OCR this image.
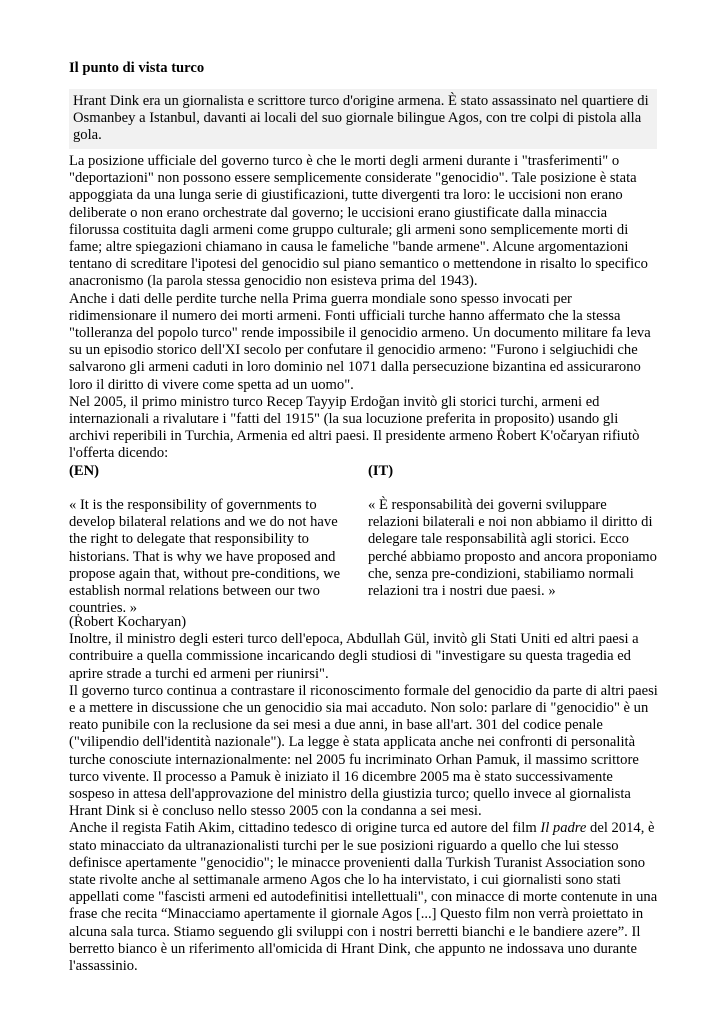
Il punto di vista turco

Hrant Dink era un giornalista e scrittore turco d'origine armena. È stato assassinato nel quartiere di Osmanbey a Istanbul, davanti ai locali del suo giornale bilingue Agos, con tre colpi di pistola alla gola.

La posizione ufficiale del governo turco è che le morti degli armeni durante i "trasferimenti" o "deportazioni" non possono essere semplicemente considerate "genocidio". Tale posizione è stata appoggiata da una lunga serie di giustificazioni, tutte divergenti tra loro: le uccisioni non erano deliberate o non erano orchestrate dal governo; le uccisioni erano giustificate dalla minaccia filorussa costituita dagli armeni come gruppo culturale; gli armeni sono semplicemente morti di fame; altre spiegazioni chiamano in causa le fameliche "bande armene". Alcune argomentazioni tentano di screditare l'ipotesi del genocidio sul piano semantico o mettendone in risalto lo specifico anacronismo (la parola stessa genocidio non esisteva prima del 1943).

Anche i dati delle perdite turche nella Prima guerra mondiale sono spesso invocati per ridimensionare il numero dei morti armeni. Fonti ufficiali turche hanno affermato che la stessa "tolleranza del popolo turco" rende impossibile il genocidio armeno. Un documento militare fa leva su un episodio storico dell'XI secolo per confutare il genocidio armeno: "Furono i selgiuchidi che salvarono gli armeni caduti in loro dominio nel 1071 dalla persecuzione bizantina ed assicurarono loro il diritto di vivere come spetta ad un uomo".

Nel 2005, il primo ministro turco Recep Tayyip Erdoğan invitò gli storici turchi, armeni ed internazionali a rivalutare i "fatti del 1915" (la sua locuzione preferita in proposito) usando gli archivi reperibili in Turchia, Armenia ed altri paesi. Il presidente armeno Ṙobert K'očaryan rifiutò l'offerta dicendo:

(EN)	(IT)

« It is the responsibility of governments to develop bilateral relations and we do not have the right to delegate that responsibility to historians. That is why we have proposed and propose again that, without pre-conditions, we establish normal relations between our two countries. »

« È responsabilità dei governi sviluppare relazioni bilaterali e noi non abbiamo il diritto di delegare tale responsabilità agli storici. Ecco perché abbiamo proposto and ancora proponiamo che, senza pre-condizioni, stabiliamo normali relazioni tra i nostri due paesi. »

(Ṙobert Kocharyan)

Inoltre, il ministro degli esteri turco dell'epoca, Abdullah Gül, invitò gli Stati Uniti ed altri paesi a contribuire a quella commissione incaricando degli studiosi di "investigare su questa tragedia ed aprire strade a turchi ed armeni per riunirsi".

Il governo turco continua a contrastare il riconoscimento formale del genocidio da parte di altri paesi e a mettere in discussione che un genocidio sia mai accaduto. Non solo: parlare di "genocidio" è un reato punibile con la reclusione da sei mesi a due anni, in base all'art. 301 del codice penale ("vilipendio dell'identità nazionale"). La legge è stata applicata anche nei confronti di personalità turche conosciute internazionalmente: nel 2005 fu incriminato Orhan Pamuk, il massimo scrittore turco vivente. Il processo a Pamuk è iniziato il 16 dicembre 2005 ma è stato successivamente sospeso in attesa dell'approvazione del ministro della giustizia turco; quello invece al giornalista Hrant Dink si è concluso nello stesso 2005 con la condanna a sei mesi.

Anche il regista Fatih Akim, cittadino tedesco di origine turca ed autore del film Il padre del 2014, è stato minacciato da ultranazionalisti turchi per le sue posizioni riguardo a quello che lui stesso definisce apertamente "genocidio"; le minacce provenienti dalla Turkish Turanist Association sono state rivolte anche al settimanale armeno Agos che lo ha intervistato, i cui giornalisti sono stati appellati come "fascisti armeni ed autodefinitisi intellettuali", con minacce di morte contenute in una frase che recita “Minacciamo apertamente il giornale Agos [...] Questo film non verrà proiettato in alcuna sala turca. Stiamo seguendo gli sviluppi con i nostri berretti bianchi e le bandiere azere”. Il berretto bianco è un riferimento all'omicida di Hrant Dink, che appunto ne indossava uno durante l'assassinio.
